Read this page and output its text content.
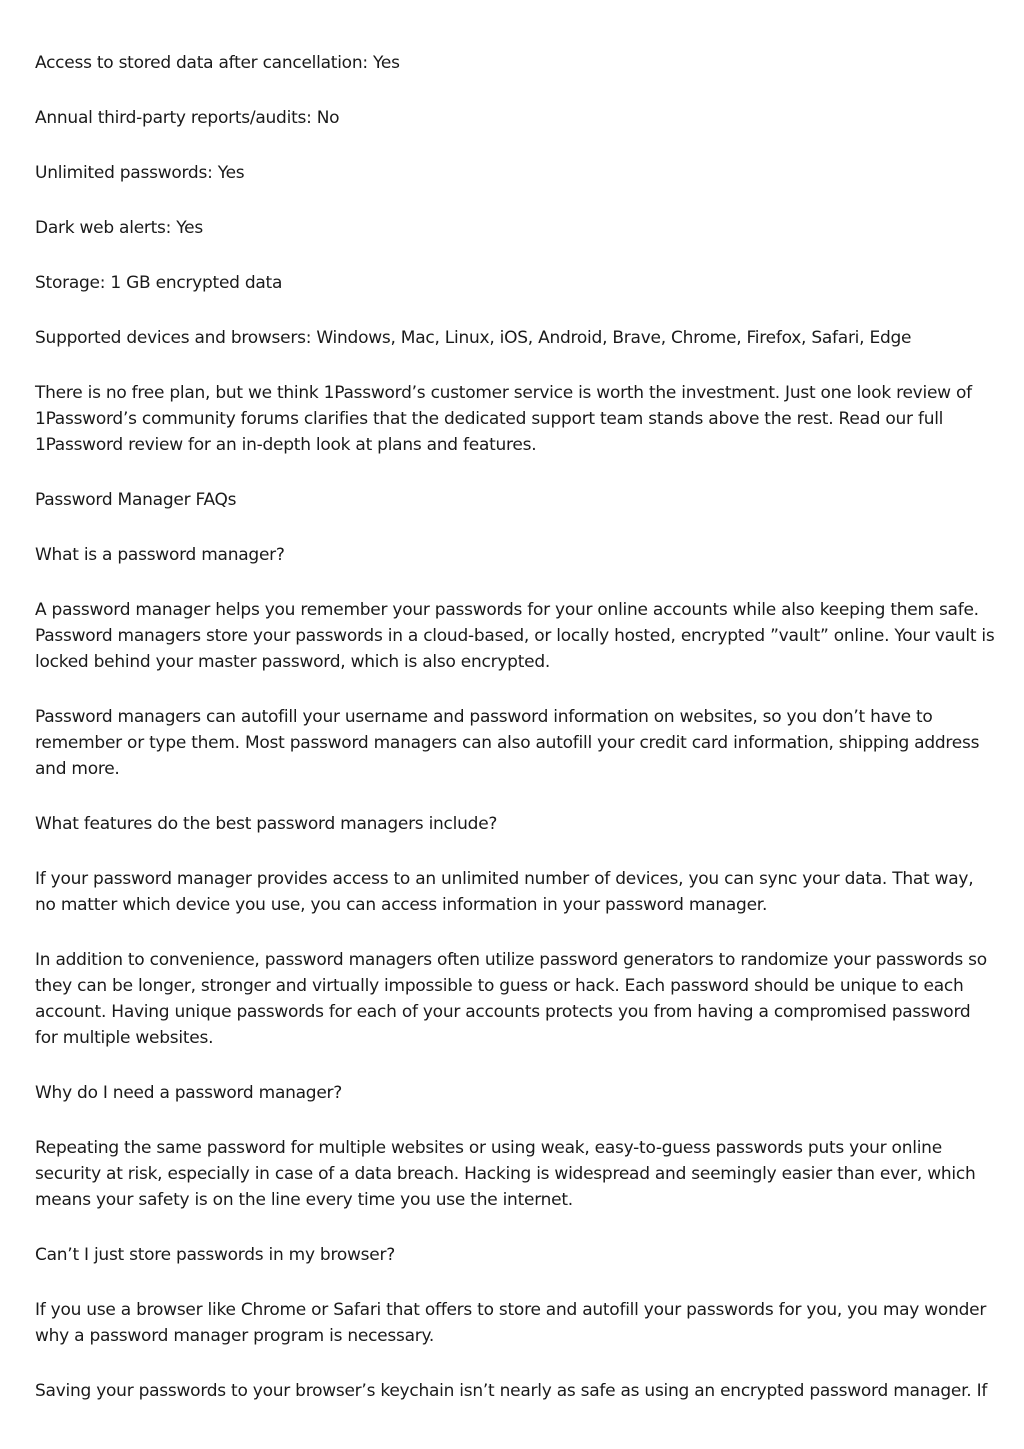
Access to stored data after cancellation: Yes

Annual third-party reports/audits: No

Unlimited passwords: Yes

Dark web alerts: Yes

Storage: 1 GB encrypted data

Supported devices and browsers: Windows, Mac, Linux, iOS, Android, Brave, Chrome, Firefox, Safari, Edge

There is no free plan, but we think 1Password’s customer service is worth the investment. Just one look review of 1Password’s community forums clarifies that the dedicated support team stands above the rest. Read our full 1Password review for an in-depth look at plans and features.

Password Manager FAQs

What is a password manager?

A password manager helps you remember your passwords for your online accounts while also keeping them safe. Password managers store your passwords in a cloud-based, or locally hosted, encrypted ”vault” online. Your vault is locked behind your master password, which is also encrypted.

Password managers can autofill your username and password information on websites, so you don’t have to remember or type them. Most password managers can also autofill your credit card information, shipping address and more.

What features do the best password managers include?

If your password manager provides access to an unlimited number of devices, you can sync your data. That way, no matter which device you use, you can access information in your password manager.

In addition to convenience, password managers often utilize password generators to randomize your passwords so they can be longer, stronger and virtually impossible to guess or hack. Each password should be unique to each account. Having unique passwords for each of your accounts protects you from having a compromised password for multiple websites.

Why do I need a password manager?

Repeating the same password for multiple websites or using weak, easy-to-guess passwords puts your online security at risk, especially in case of a data breach. Hacking is widespread and seemingly easier than ever, which means your safety is on the line every time you use the internet.

Can’t I just store passwords in my browser?

If you use a browser like Chrome or Safari that offers to store and autofill your passwords for you, you may wonder why a password manager program is necessary.

Saving your passwords to your browser’s keychain isn’t nearly as safe as using an encrypted password manager. If
